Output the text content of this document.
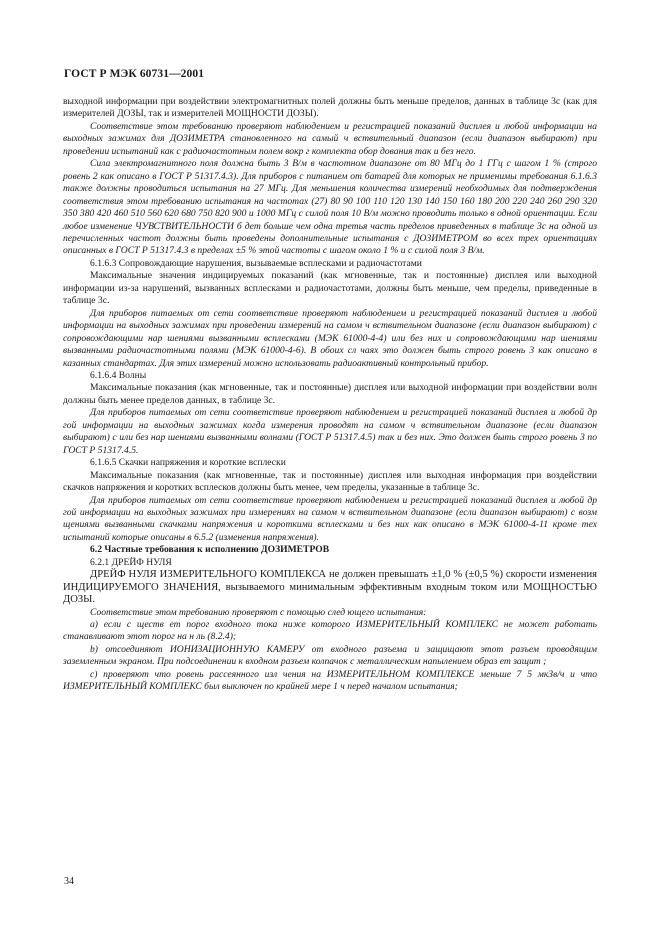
ГОСТ Р МЭК 60731—2001

выходной информации при воздействии электромагнитных полей должны быть меньше пределов, данных в таблице 3с (как для измерителей ДОЗЫ, так и измерителей МОЩНОСТИ ДОЗЫ).

Соответствие этом требованию проверяют наблюдением и регистрацией показаний дисплея и любой информации на выходных зажимах для ДОЗИМЕТРА становленного на самый ч вствительный диапазон (если диапазон выбирают) при проведении испытаний как с радиочастотным полем вокр г комплекта обор дования так и без него.

Сила электромагнитного поля должна быть 3 В/м в частотном диапазоне от 80 МГц до 1 ГГц с шагом 1 % (строго ровень 2 как описано в ГОСТ Р 51317.4.3). Для приборов с питанием от батарей для которых не применимы требования 6.1.6.3 также должны проводиться испытания на 27 МГц. Для меньшения количества измерений необходимых для подтверждения соответствия этом требованию испытания на частотах (27) 80 90 100 110 120 130 140 150 160 180 200 220 240 260 290 320 350 380 420 460 510 560 620 680 750 820 900 и 1000 МГц с силой поля 10 В/м можно проводить только в одной ориентации. Если любое изменение ЧУВСТВИТЕЛЬНОСТИ б дет больше чем одна третья часть пределов приведенных в таблице 3с на одной из перечисленных частот должны быть проведены дополнительные испытания с ДОЗИМЕТРОМ во всех трех ориентациях описанных в ГОСТ Р 51317.4.3 в пределах ±5 % этой частоты с шагом около 1 % и с силой поля 3 В/м.

6.1.6.3 Сопровождающие нарушения, вызываемые всплесками и радиочастотами

Максимальные значения индицируемых показаний (как мгновенные, так и постоянные) дисплея или выходной информации из-за нарушений, вызванных всплесками и радиочастотами, должны быть меньше, чем пределы, приведенные в таблице 3с.

Для приборов питаемых от сети соответствие проверяют наблюдением и регистрацией показаний дисплея и любой информации на выходных зажимах при проведении измерений на самом ч вствительном диапазоне (если диапазон выбирают) с сопровождающими нар шениями вызванными всплесками (МЭК 61000-4-4) или без них и сопровождающими нар шениями вызванными радиочастотными полями (МЭК 61000-4-6). В обоих сл чаях это должен быть строго ровень 3 как описано в казанных стандартах. Для этих измерений можно использовать радиоактивный контрольный прибор.

6.1.6.4 Волны

Максимальные показания (как мгновенные, так и постоянные) дисплея или выходной информации при воздействии волн должны быть менее пределов данных, в таблице 3с.

Для приборов питаемых от сети соответствие проверяют наблюдением и регистрацией показаний дисплея и любой др гой информации на выходных зажимах когда измерения проводят на самом ч вствительном диапазоне (если диапазон выбирают) с или без нар шениями вызванными волнами (ГОСТ Р 51317.4.5) так и без них. Это должен быть строго ровень 3 по ГОСТ Р 51317.4.5.

6.1.6.5 Скачки напряжения и короткие всплески

Максимальные показания (как мгновенные, так и постоянные) дисплея или выходная информация при воздействии скачков напряжения и коротких всплесков должны быть менее, чем пределы, указанные в таблице 3с.

Для приборов питаемых от сети соответствие проверяют наблюдением и регистрацией показаний дисплея и любой др гой информации на выходных зажимах при измерениях на самом ч вствительном диапазоне (если диапазон выбирают) с возм щениями вызванными скачками напряжения и короткими всплесками и без них как описано в МЭК 61000-4-11 кроме тех испытаний которые описаны в 6.5.2 (изменения напряжения).

6.2 Частные требования к исполнению ДОЗИМЕТРОВ

6.2.1 ДРЕЙФ НУЛЯ

ДРЕЙФ НУЛЯ ИЗМЕРИТЕЛЬНОГО КОМПЛЕКСА не должен превышать ±1,0 % (±0,5 %) скорости изменения ИНДИЦИРУЕМОГО ЗНАЧЕНИЯ, вызываемого минимальным эффективным входным током или МОЩНОСТЬЮ ДОЗЫ.

Соответствие этом требованию проверяют с помощью след ющего испытания:

а) если с ществ ет порог входного тока ниже которого ИЗМЕРИТЕЛЬНЫЙ КОМПЛЕКС не может работать станавливают этот порог на н ль (8.2.4);

b) отсоединяют ИОНИЗАЦИОННУЮ КАМЕРУ от входного разъема и защищают этот разъем проводящим заземленным экраном. При подсоединении к входном разъем колпачок с металлическим напылением образ ет защит ;

с) проверяют что ровень рассеянного изл чения на ИЗМЕРИТЕЛЬНОМ КОМПЛЕКСЕ меньше 7 5 мкЗв/ч и что ИЗМЕРИТЕЛЬНЫЙ КОМПЛЕКС был выключен по крайней мере 1 ч перед началом испытания;

34
